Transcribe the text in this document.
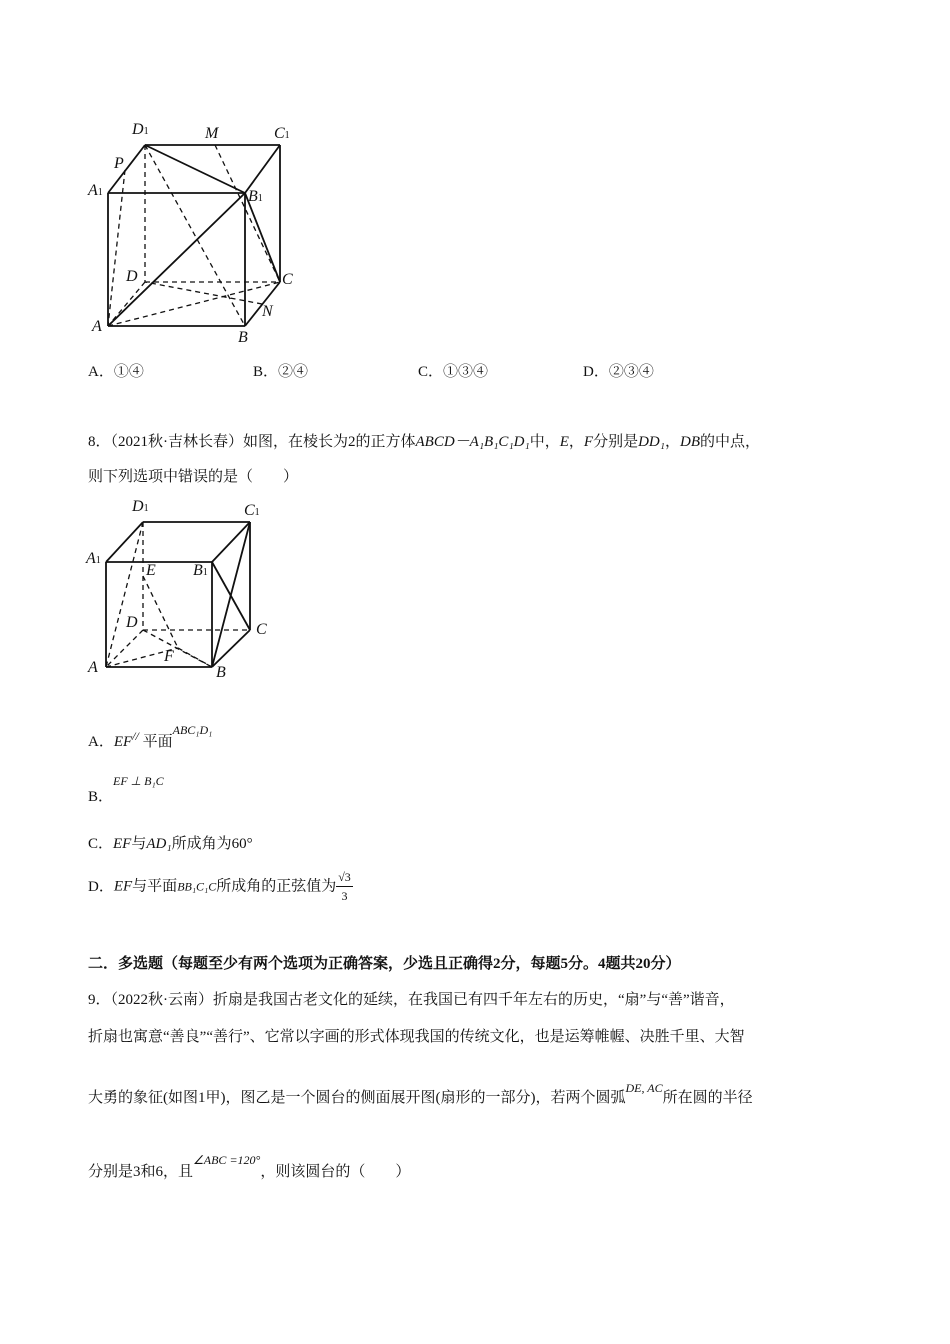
D1	M	C1
P
A1	B1
D	C
A
N
B
A．①④	B．②④	C．①③④	D．②③④
8．（2021秋·吉林长春）如图，在棱长为2的正方体ABCD－A₁B₁C₁D₁中，E，F分别是DD₁，DB的中点，
则下列选项中错误的是（　　）
D1	C1
A1
E B1
D	C
F
A	B
A．EF// 平面$^{ABC_1D_1}$
B．$^{EF \perp B_1C}$
C．EF与AD₁所成角为60°
D．EF与平面BB₁C₁C所成角的正弦值为 $\frac{√3}{3}$
二．多选题（每题至少有两个选项为正确答案，少选且正确得2分，每题5分。4题共20分）
9．（2022秋·云南）折扇是我国古老文化的延续，在我国已有四千年左右的历史，“扇”与“善”谐音，
折扇也寓意“善良”“善行”、它常以字画的形式体现我国的传统文化，也是运筹帷幄、决胜千里、大智
大勇的象征(如图1甲)，图乙是一个圆台的侧面展开图(扇形的一部分)，若两个圆弧$^{DE, AC}$所在圆的半径
分别是3和6，且$^{\angle ABC =120^\circ}$，则该圆台的（　　）
